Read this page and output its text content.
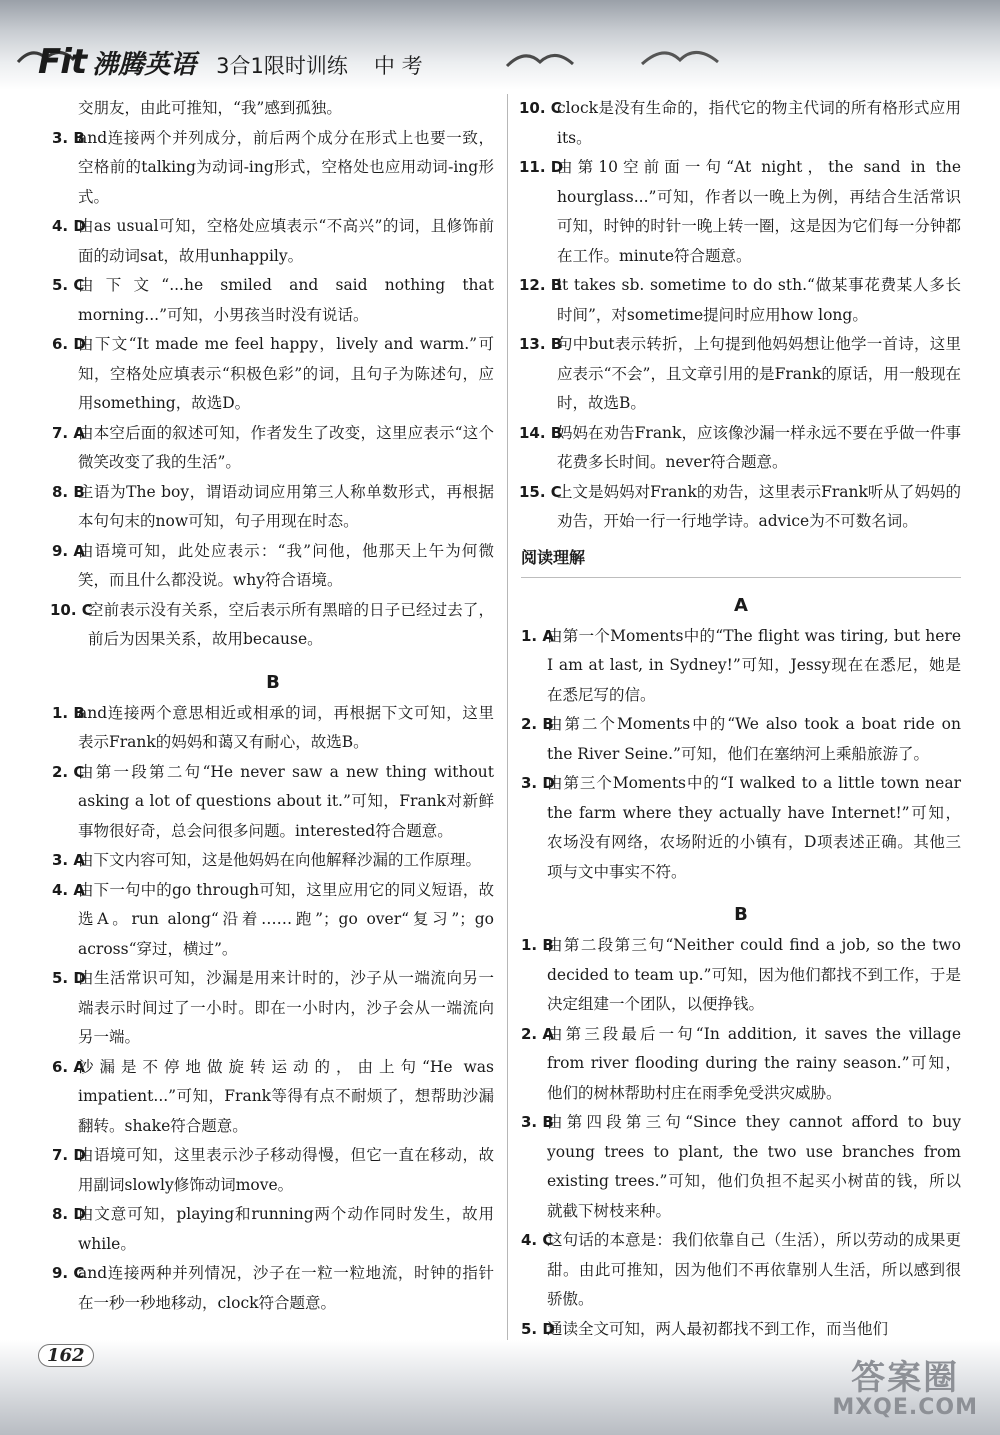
Fit 沸腾英语 3合1限时训练 中 考
交朋友，由此可推知，“我”感到孤独。
3. B
and连接两个并列成分，前后两个成分在形式上也要一致，空格前的talking为动词-ing形式，空格处也应用动词-ing形式。
4. D
由as usual可知，空格处应填表示“不高兴”的词，且修饰前面的动词sat，故用unhappily。
5. C
由下文“...he smiled and said nothing that morning...”可知，小男孩当时没有说话。
6. D
由下文“It made me feel happy，lively and warm.”可知，空格处应填表示“积极色彩”的词，且句子为陈述句，应用something，故选D。
7. A
由本空后面的叙述可知，作者发生了改变，这里应表示“这个微笑改变了我的生活”。
8. B
主语为The boy，谓语动词应用第三人称单数形式，再根据本句句末的now可知，句子用现在时态。
9. A
由语境可知，此处应表示：“我”问他，他那天上午为何微笑，而且什么都没说。why符合语境。
10. C
空前表示没有关系，空后表示所有黑暗的日子已经过去了，前后为因果关系，故用because。
B
1. B
and连接两个意思相近或相承的词，再根据下文可知，这里表示Frank的妈妈和蔼又有耐心，故选B。
2. C
由第一段第二句“He never saw a new thing without asking a lot of questions about it.”可知，Frank对新鲜事物很好奇，总会问很多问题。interested符合题意。
3. A
由下文内容可知，这是他妈妈在向他解释沙漏的工作原理。
4. A
由下一句中的go through可知，这里应用它的同义短语，故选A。run along“沿着……跑”；go over“复习”；go across“穿过，横过”。
5. D
由生活常识可知，沙漏是用来计时的，沙子从一端流向另一端表示时间过了一小时。即在一小时内，沙子会从一端流向另一端。
6. A
沙漏是不停地做旋转运动的，由上句“He was impatient...”可知，Frank等得有点不耐烦了，想帮助沙漏翻转。shake符合题意。
7. D
由语境可知，这里表示沙子移动得慢，但它一直在移动，故用副词slowly修饰动词move。
8. D
由文意可知，playing和running两个动作同时发生，故用while。
9. C
and连接两种并列情况，沙子在一粒一粒地流，时钟的指针在一秒一秒地移动，clock符合题意。
10. C
clock是没有生命的，指代它的物主代词的所有格形式应用its。
11. D
由第10空前面一句“At night，the sand in the hourglass...”可知，作者以一晚上为例，再结合生活常识可知，时钟的时针一晚上转一圈，这是因为它们每一分钟都在工作。minute符合题意。
12. B
it takes sb. sometime to do sth.“做某事花费某人多长时间”，对sometime提问时应用how long。
13. B
句中but表示转折，上句提到他妈妈想让他学一首诗，这里应表示“不会”，且文章引用的是Frank的原话，用一般现在时，故选B。
14. B
妈妈在劝告Frank，应该像沙漏一样永远不要在乎做一件事花费多长时间。never符合题意。
15. C
上文是妈妈对Frank的劝告，这里表示Frank听从了妈妈的劝告，开始一行一行地学诗。advice为不可数名词。
阅读理解
A
1. A
由第一个Moments中的“The flight was tiring, but here I am at last, in Sydney!”可知，Jessy现在在悉尼，她是在悉尼写的信。
2. B
由第二个Moments中的“We also took a boat ride on the River Seine.”可知，他们在塞纳河上乘船旅游了。
3. D
由第三个Moments中的“I walked to a little town near the farm where they actually have Internet!”可知，农场没有网络，农场附近的小镇有，D项表述正确。其他三项与文中事实不符。
B
1. B
由第二段第三句“Neither could find a job, so the two decided to team up.”可知，因为他们都找不到工作，于是决定组建一个团队，以便挣钱。
2. A
由第三段最后一句“In addition, it saves the village from river flooding during the rainy season.”可知，他们的树林帮助村庄在雨季免受洪灾威胁。
3. B
由第四段第三句“Since they cannot afford to buy young trees to plant, the two use branches from existing trees.”可知，他们负担不起买小树苗的钱，所以就截下树枝来种。
4. C
这句话的本意是：我们依靠自己（生活），所以劳动的成果更甜。由此可推知，因为他们不再依靠别人生活，所以感到很骄傲。
5. D
通读全文可知，两人最初都找不到工作，而当他们
162
答案圈
MXQE.COM
